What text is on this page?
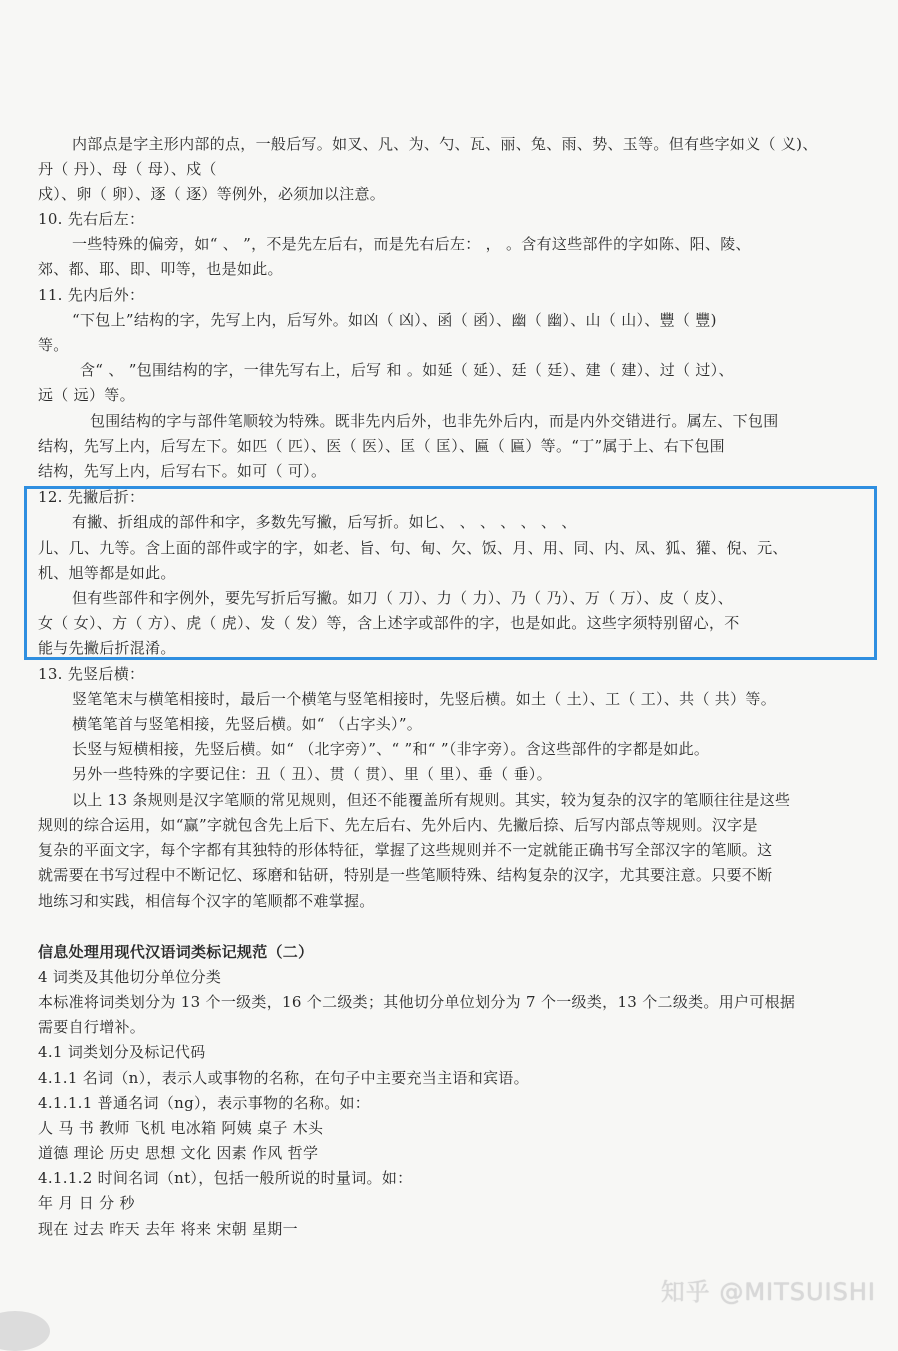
内部点是字主形内部的点，一般后写。如叉、凡、为、勺、瓦、丽、兔、雨、势、玉等。但有些字如义（ 义)、
丹（ 丹）、母（ 母）、戍（
戍）、卵（ 卵）、逐（ 逐）等例外，必须加以注意。
10. 先右后左：
一些特殊的偏旁，如“ 、 ”，不是先左后右，而是先右后左： ， 。含有这些部件的字如陈、阳、陵、
郊、都、耶、即、叩等，也是如此。
11. 先内后外：
“下包上”结构的字，先写上内，后写外。如凶（ 凶）、函（ 函）、幽（ 幽）、山（ 山）、豐（ 豐)
等。
含“ 、 ”包围结构的字，一律先写右上，后写 和 。如延（ 延）、廷（ 廷）、建（ 建）、过（ 过）、
远（ 远）等。
包围结构的字与部件笔顺较为特殊。既非先内后外，也非先外后内，而是内外交错进行。属左、下包围
结构，先写上内，后写左下。如匹（ 匹）、医（ 医）、匡（ 匡）、匾（ 匾）等。“丁”属于上、右下包围
结构，先写上内，后写右下。如可（ 可）。
12. 先撇后折：
有撇、折组成的部件和字，多数先写撇，后写折。如匕、 、 、 、 、 、 、
儿、几、九等。含上面的部件或字的字，如老、旨、句、甸、欠、饭、月、用、同、内、凤、狐、獾、倪、元、
机、旭等都是如此。
但有些部件和字例外，要先写折后写撇。如刀（ 刀）、力（ 力）、乃（ 乃）、万（ 万）、皮（ 皮）、
女（ 女）、方（ 方）、虎（ 虎）、发（ 发）等，含上述字或部件的字，也是如此。这些字须特别留心，不
能与先撇后折混淆。
13. 先竖后横：
竖笔笔末与横笔相接时，最后一个横笔与竖笔相接时，先竖后横。如土（ 土）、工（ 工）、共（ 共）等。
横笔笔首与竖笔相接，先竖后横。如“ （占字头）”。
长竖与短横相接，先竖后横。如“ （北字旁）”、“ ”和“ ”（非字旁）。含这些部件的字都是如此。
另外一些特殊的字要记住：丑（ 丑）、贯（ 贯）、里（ 里）、垂（ 垂）。
以上 13 条规则是汉字笔顺的常见规则，但还不能覆盖所有规则。其实，较为复杂的汉字的笔顺往往是这些
规则的综合运用，如“赢”字就包含先上后下、先左后右、先外后内、先撇后捺、后写内部点等规则。汉字是
复杂的平面文字，每个字都有其独特的形体特征，掌握了这些规则并不一定就能正确书写全部汉字的笔顺。这
就需要在书写过程中不断记忆、琢磨和钻研，特别是一些笔顺特殊、结构复杂的汉字，尤其要注意。只要不断
地练习和实践，相信每个汉字的笔顺都不难掌握。
信息处理用现代汉语词类标记规范（二）
4 词类及其他切分单位分类
本标准将词类划分为 13 个一级类，16 个二级类；其他切分单位划分为 7 个一级类，13 个二级类。用户可根据
需要自行增补。
4.1 词类划分及标记代码
4.1.1 名词（n），表示人或事物的名称，在句子中主要充当主语和宾语。
4.1.1.1 普通名词（ng），表示事物的名称。如：
人 马 书 教师 飞机 电冰箱 阿姨 桌子 木头
道德 理论 历史 思想 文化 因素 作风 哲学
4.1.1.2 时间名词（nt），包括一般所说的时量词。如：
年 月 日 分 秒
现在 过去 昨天 去年 将来 宋朝 星期一
知乎 @MITSUISHI
